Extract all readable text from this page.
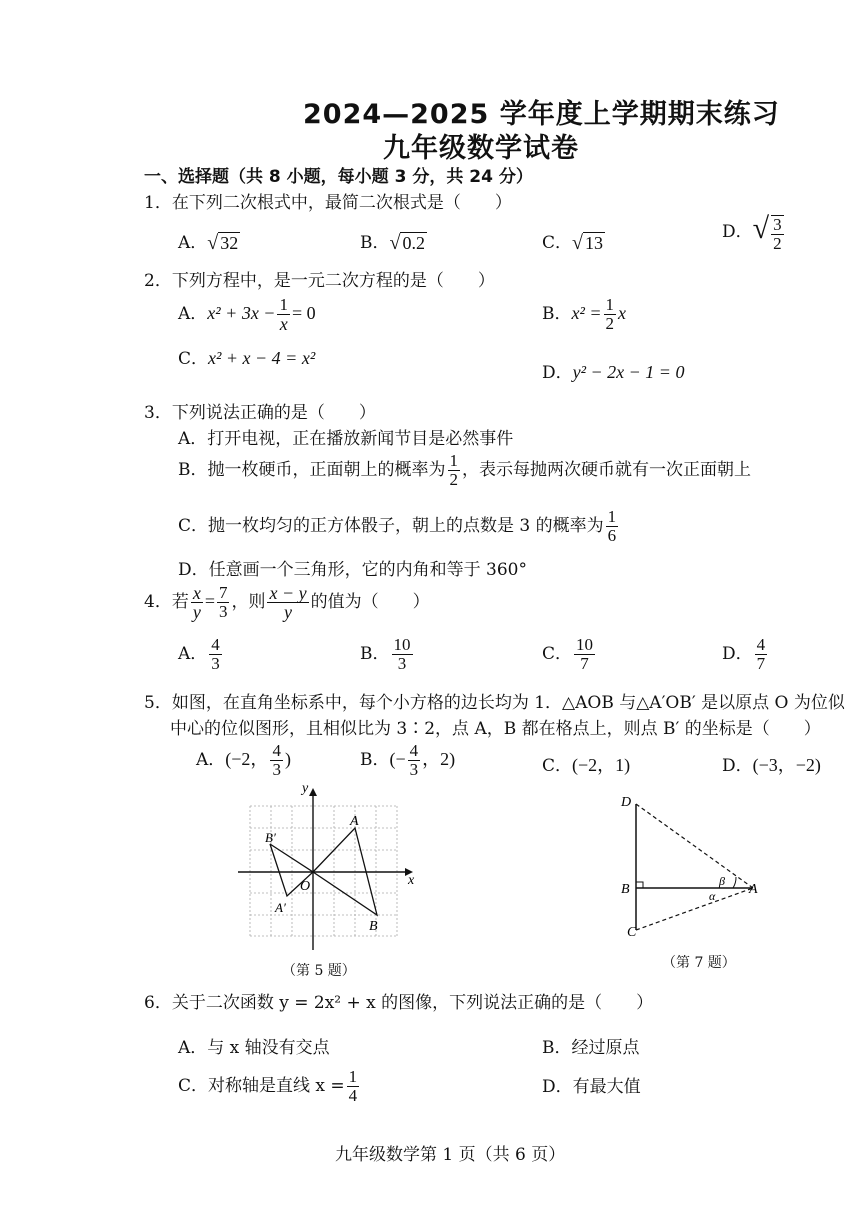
2024—2025 学年度上学期期末练习
九年级数学试卷
一、选择题（共 8 小题，每小题 3 分，共 24 分）
1．在下列二次根式中，最简二次根式是（　　）
A．√ 32	B．√ 0.2	C．√ 13
D．√ $\frac{3}{2}$
2．下列方程中，是一元二次方程的是（　　）
A．$x^2 + 3x - \frac{1}{x} = 0$	B．$x^2 = \frac{1}{2}$ x
C．x² + x − 4 = x²
D．y² − 2x − 1 = 0
3．下列说法正确的是（　　）
A．打开电视，正在播放新闻节目是必然事件
B．抛一枚硬币，正面朝上的概率为 $\frac{1}{2}$ ，表示每抛两次硬币就有一次正面朝上
C．抛一枚均匀的正方体骰子，朝上的点数是 3 的概率为 $\frac{1}{6}$
D．任意画一个三角形，它的内角和等于 360°
4．若 $\frac{x}{y} = \frac{7}{3}$ ，则 $\frac{x - y}{y}$ 的值为（　　）
A． $\frac{4}{3}$	B． $\frac{10}{3}$	C． $\frac{10}{7}$	D． $\frac{4}{7}$
5．如图，在直角坐标系中，每个小方格的边长均为 1．△AOB 与△A′OB′ 是以原点 O 为位似
中心的位似图形，且相似比为 3∶2，点 A，B 都在格点上，则点 B′ 的坐标是（　　）
A．(−2， $\frac{4}{3}$ )	B．(− $\frac{4}{3}$ ，2)	C．(−2，1)	D．(−3，−2)
y
x
O
A
B
A′
B′
（第 5 题）
D
B
C
A
β
α
（第 7 题）
6．关于二次函数 y = 2x² + x 的图像，下列说法正确的是（　　）
A．与 x 轴没有交点	B．经过原点
C．对称轴是直线 $x = \frac{1}{4}$	D．有最大值
九年级数学第 1 页（共 6 页）
